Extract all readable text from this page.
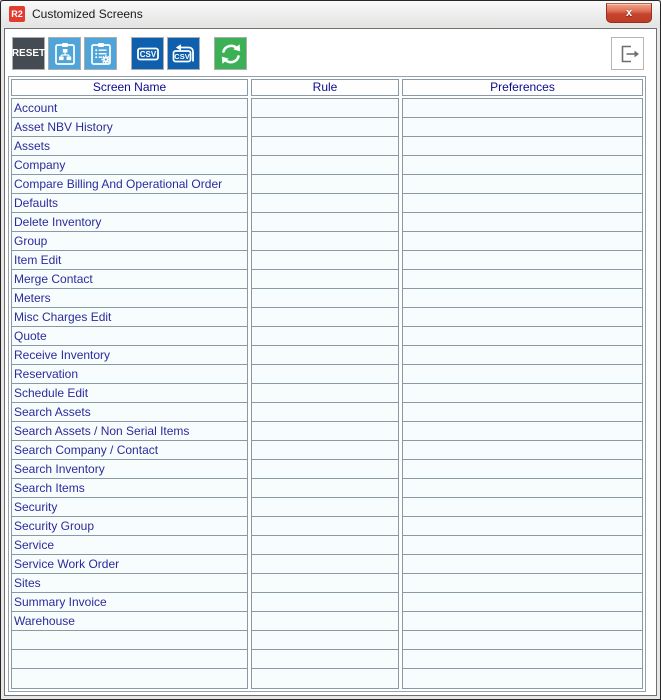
R2 Customized Screens	x
RESET	CSV CSV
Screen Name	Rule	Preferences
Account
Asset NBV History
Assets
Company
Compare Billing And Operational Order
Defaults
Delete Inventory
Group
Item Edit
Merge Contact
Meters
Misc Charges Edit
Quote
Receive Inventory
Reservation
Schedule Edit
Search Assets
Search Assets / Non Serial Items
Search Company / Contact
Search Inventory
Search Items
Security
Security Group
Service
Service Work Order
Sites
Summary Invoice
Warehouse
